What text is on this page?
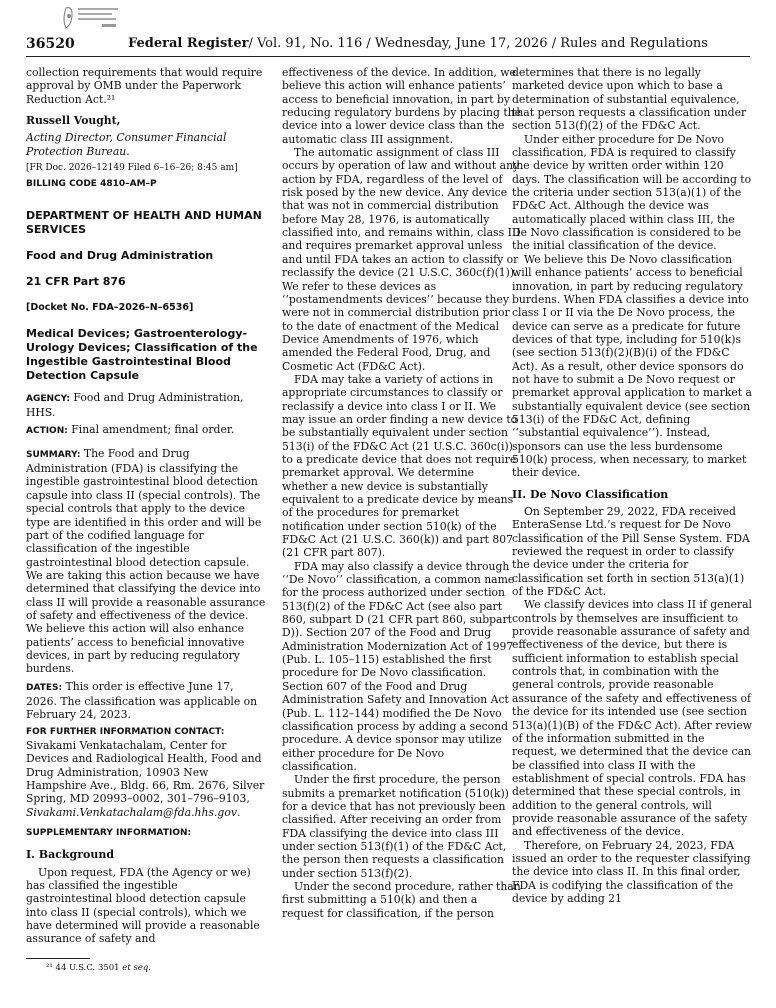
36520	Federal Register/ Vol. 91, No. 116 / Wednesday, June 17, 2026 / Rules and Regulations

collection requirements that would require approval by OMB under the Paperwork Reduction Act.²¹

Russell Vought,

Acting Director, Consumer Financial Protection Bureau.

[FR Doc. 2026–12149 Filed 6–16–26; 8:45 am]

BILLING CODE 4810–AM–P

DEPARTMENT OF HEALTH AND HUMAN SERVICES

Food and Drug Administration

21 CFR Part 876

[Docket No. FDA–2026–N–6536]

Medical Devices; Gastroenterology-Urology Devices; Classification of the Ingestible Gastrointestinal Blood Detection Capsule

AGENCY: Food and Drug Administration, HHS.

ACTION: Final amendment; final order.

SUMMARY: The Food and Drug Administration (FDA) is classifying the ingestible gastrointestinal blood detection capsule into class II (special controls). The special controls that apply to the device type are identified in this order and will be part of the codified language for classification of the ingestible gastrointestinal blood detection capsule. We are taking this action because we have determined that classifying the device into class II will provide a reasonable assurance of safety and effectiveness of the device. We believe this action will also enhance patients’ access to beneficial innovative devices, in part by reducing regulatory burdens.

DATES: This order is effective June 17, 2026. The classification was applicable on February 24, 2023.

FOR FURTHER INFORMATION CONTACT:

Sivakami Venkatachalam, Center for Devices and Radiological Health, Food and Drug Administration, 10903 New Hampshire Ave., Bldg. 66, Rm. 2676, Silver Spring, MD 20993–0002, 301–796–9103, Sivakami.Venkatachalam@fda.hhs.gov.

SUPPLEMENTARY INFORMATION:

I. Background

Upon request, FDA (the Agency or we) has classified the ingestible gastrointestinal blood detection capsule into class II (special controls), which we have determined will provide a reasonable assurance of safety and

²¹ 44 U.S.C. 3501 et seq.

effectiveness of the device. In addition, we believe this action will enhance patients’ access to beneficial innovation, in part by reducing regulatory burdens by placing the device into a lower device class than the automatic class III assignment.

The automatic assignment of class III occurs by operation of law and without any action by FDA, regardless of the level of risk posed by the new device. Any device that was not in commercial distribution before May 28, 1976, is automatically classified into, and remains within, class III and requires premarket approval unless and until FDA takes an action to classify or reclassify the device (21 U.S.C. 360c(f)(1)). We refer to these devices as ‘‘postamendments devices’’ because they were not in commercial distribution prior to the date of enactment of the Medical Device Amendments of 1976, which amended the Federal Food, Drug, and Cosmetic Act (FD&C Act).

FDA may take a variety of actions in appropriate circumstances to classify or reclassify a device into class I or II. We may issue an order finding a new device to be substantially equivalent under section 513(i) of the FD&C Act (21 U.S.C. 360c(i)) to a predicate device that does not require premarket approval. We determine whether a new device is substantially equivalent to a predicate device by means of the procedures for premarket notification under section 510(k) of the FD&C Act (21 U.S.C. 360(k)) and part 807 (21 CFR part 807).

FDA may also classify a device through ‘‘De Novo’’ classification, a common name for the process authorized under section 513(f)(2) of the FD&C Act (see also part 860, subpart D (21 CFR part 860, subpart D)). Section 207 of the Food and Drug Administration Modernization Act of 1997 (Pub. L. 105–115) established the first procedure for De Novo classification. Section 607 of the Food and Drug Administration Safety and Innovation Act (Pub. L. 112–144) modified the De Novo classification process by adding a second procedure. A device sponsor may utilize either procedure for De Novo classification.

Under the first procedure, the person submits a premarket notification (510(k)) for a device that has not previously been classified. After receiving an order from FDA classifying the device into class III under section 513(f)(1) of the FD&C Act, the person then requests a classification under section 513(f)(2).

Under the second procedure, rather than first submitting a 510(k) and then a request for classification, if the person

determines that there is no legally marketed device upon which to base a determination of substantial equivalence, that person requests a classification under section 513(f)(2) of the FD&C Act.

Under either procedure for De Novo classification, FDA is required to classify the device by written order within 120 days. The classification will be according to the criteria under section 513(a)(1) of the FD&C Act. Although the device was automatically placed within class III, the De Novo classification is considered to be the initial classification of the device.

We believe this De Novo classification will enhance patients’ access to beneficial innovation, in part by reducing regulatory burdens. When FDA classifies a device into class I or II via the De Novo process, the device can serve as a predicate for future devices of that type, including for 510(k)s (see section 513(f)(2)(B)(i) of the FD&C Act). As a result, other device sponsors do not have to submit a De Novo request or premarket approval application to market a substantially equivalent device (see section 513(i) of the FD&C Act, defining ‘‘substantial equivalence’’). Instead, sponsors can use the less burdensome 510(k) process, when necessary, to market their device.

II. De Novo Classification

On September 29, 2022, FDA received EnteraSense Ltd.’s request for De Novo classification of the Pill Sense System. FDA reviewed the request in order to classify the device under the criteria for classification set forth in section 513(a)(1) of the FD&C Act.

We classify devices into class II if general controls by themselves are insufficient to provide reasonable assurance of safety and effectiveness of the device, but there is sufficient information to establish special controls that, in combination with the general controls, provide reasonable assurance of the safety and effectiveness of the device for its intended use (see section 513(a)(1)(B) of the FD&C Act). After review of the information submitted in the request, we determined that the device can be classified into class II with the establishment of special controls. FDA has determined that these special controls, in addition to the general controls, will provide reasonable assurance of the safety and effectiveness of the device.

Therefore, on February 24, 2023, FDA issued an order to the requester classifying the device into class II. In this final order, FDA is codifying the classification of the device by adding 21
